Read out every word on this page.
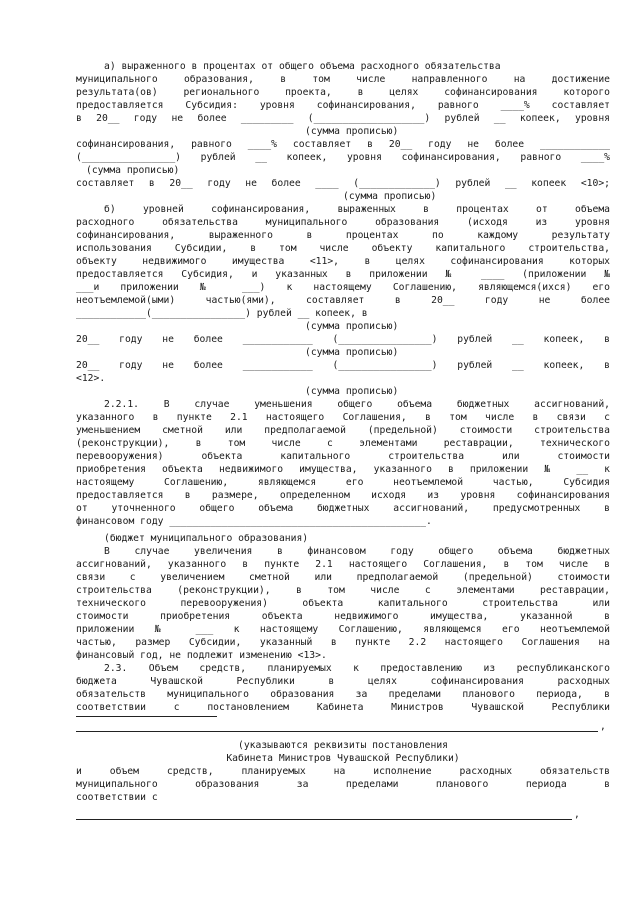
а) выраженного в процентах от общего объема расходного обязательства
муниципального образования, в том числе направленного на достижение
результата(ов) регионального проекта, в целях софинансирования которого
предоставляется Субсидия: уровня софинансирования, равного ____% составляет
в 20__ году не более _________ (___________________) рублей __ копеек, уровня
(сумма прописью)
софинансирования, равного ____% составляет в 20__ году не более ____________
(________________) рублей __ копеек, уровня софинансирования, равного ____%
(сумма прописью)
составляет в 20__ году не более ____ (_____________) рублей __ копеек <10>;
(сумма прописью)
б) уровней софинансирования, выраженных в процентах от объема
расходного обязательства муниципального образования (исходя из уровня
софинансирования, выраженного в процентах по каждому результату
использования Субсидии, в том числе объекту капитального строительства,
объекту недвижимого имущества <11>, в целях софинансирования которых
предоставляется Субсидия, и указанных в приложении № ____ (приложении №
___и приложении № ___) к настоящему Соглашению, являющемся(ихся) его
неотъемлемой(ыми) частью(ями), составляет в 20__ году не более
____________(________________) рублей __ копеек, в
(сумма прописью)
20__ году не более ____________ (________________) рублей __ копеек, в
(сумма прописью)
20__ году не более ____________ (________________) рублей __ копеек, в
<12>.
(сумма прописью)
2.2.1. В случае уменьшения общего объема бюджетных ассигнований,
указанного в пункте 2.1 настоящего Соглашения, в том числе в связи с
уменьшением сметной или предполагаемой (предельной) стоимости строительства
(реконструкции), в том числе с элементами реставрации, технического
перевооружения) объекта капитального строительства или стоимости
приобретения объекта недвижимого имущества, указанного в приложении № __ к
настоящему Соглашению, являющемся его неотъемлемой частью, Субсидия
предоставляется в размере, определенном исходя из уровня софинансирования
от уточненного общего объема бюджетных ассигнований, предусмотренных в
финансовом году ____________________________________________.
(бюджет муниципального образования)
В случае увеличения в финансовом году общего объема бюджетных
ассигнований, указанного в пункте 2.1 настоящего Соглашения, в том числе в
связи с увеличением сметной или предполагаемой (предельной) стоимости
строительства (реконструкции), в том числе с элементами реставрации,
технического перевооружения) объекта капитального строительства или
стоимости приобретения объекта недвижимого имущества, указанной в
приложении № ___ к настоящему Соглашению, являющемся его неотъемлемой
частью, размер Субсидии, указанный в пункте 2.2 настоящего Соглашения на
финансовый год, не подлежит изменению <13>.
2.3. Объем средств, планируемых к предоставлению из республиканского
бюджета Чувашской Республики в целях софинансирования расходных
обязательств муниципального образования за пределами планового периода, в
соответствии с постановлением Кабинета Министров Чувашской Республики
,
(указываются реквизиты постановления
Кабинета Министров Чувашской Республики)
и объем средств, планируемых на исполнение расходных обязательств
муниципального образования за пределами планового периода в
соответствии с
,
